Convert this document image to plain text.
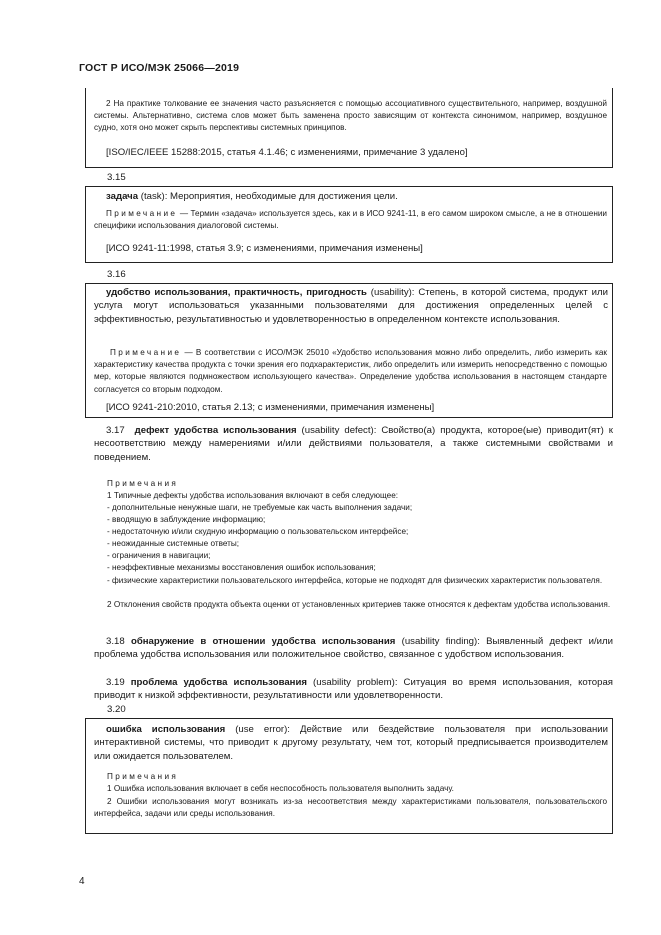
ГОСТ Р ИСО/МЭК 25066—2019
2 На практике толкование ее значения часто разъясняется с помощью ассоциативного существительного, например, воздушной системы. Альтернативно, система слов может быть заменена просто зависящим от контекста синонимом, например, воздушное судно, хотя оно может скрыть перспективы системных принципов.
[ISO/IEC/IEEE 15288:2015, статья 4.1.46; с изменениями, примечание 3 удалено]
3.15
задача (task): Мероприятия, необходимые для достижения цели.
Примечание — Термин «задача» используется здесь, как и в ИСО 9241-11, в его самом широком смысле, а не в отношении специфики использования диалоговой системы.
[ИСО 9241-11:1998, статья 3.9; с изменениями, примечания изменены]
3.16
удобство использования, практичность, пригодность (usability): Степень, в которой система, продукт или услуга могут использоваться указанными пользователями для достижения определенных целей с эффективностью, результативностью и удовлетворенностью в определенном контексте использования.
Примечание — В соответствии с ИСО/МЭК 25010 «Удобство использования можно либо определить, либо измерить как характеристику качества продукта с точки зрения его подхарактеристик, либо определить или измерить непосредственно с помощью мер, которые являются подмножеством использующего качества». Определение удобства использования в настоящем стандарте согласуется со вторым подходом.
[ИСО 9241-210:2010, статья 2.13; с изменениями, примечания изменены]
3.17 дефект удобства использования (usability defect): Свойство(а) продукта, которое(ые) приводит(ят) к несоответствию между намерениями и/или действиями пользователя, а также системными свойствами и поведением.
Примечания
1 Типичные дефекты удобства использования включают в себя следующее:
- дополнительные ненужные шаги, не требуемые как часть выполнения задачи;
- вводящую в заблуждение информацию;
- недостаточную и/или скудную информацию о пользовательском интерфейсе;
- неожиданные системные ответы;
- ограничения в навигации;
- неэффективные механизмы восстановления ошибок использования;
- физические характеристики пользовательского интерфейса, которые не подходят для физических характеристик пользователя.
2 Отклонения свойств продукта объекта оценки от установленных критериев также относятся к дефектам удобства использования.
3.18 обнаружение в отношении удобства использования (usability finding): Выявленный дефект и/или проблема удобства использования или положительное свойство, связанное с удобством использования.
3.19 проблема удобства использования (usability problem): Ситуация во время использования, которая приводит к низкой эффективности, результативности или удовлетворенности.
3.20
ошибка использования (use error): Действие или бездействие пользователя при использовании интерактивной системы, что приводит к другому результату, чем тот, который предписывается производителем или ожидается пользователем.
Примечания
1 Ошибка использования включает в себя неспособность пользователя выполнить задачу.
2 Ошибки использования могут возникать из-за несоответствия между характеристиками пользователя, пользовательского интерфейса, задачи или среды использования.
4
